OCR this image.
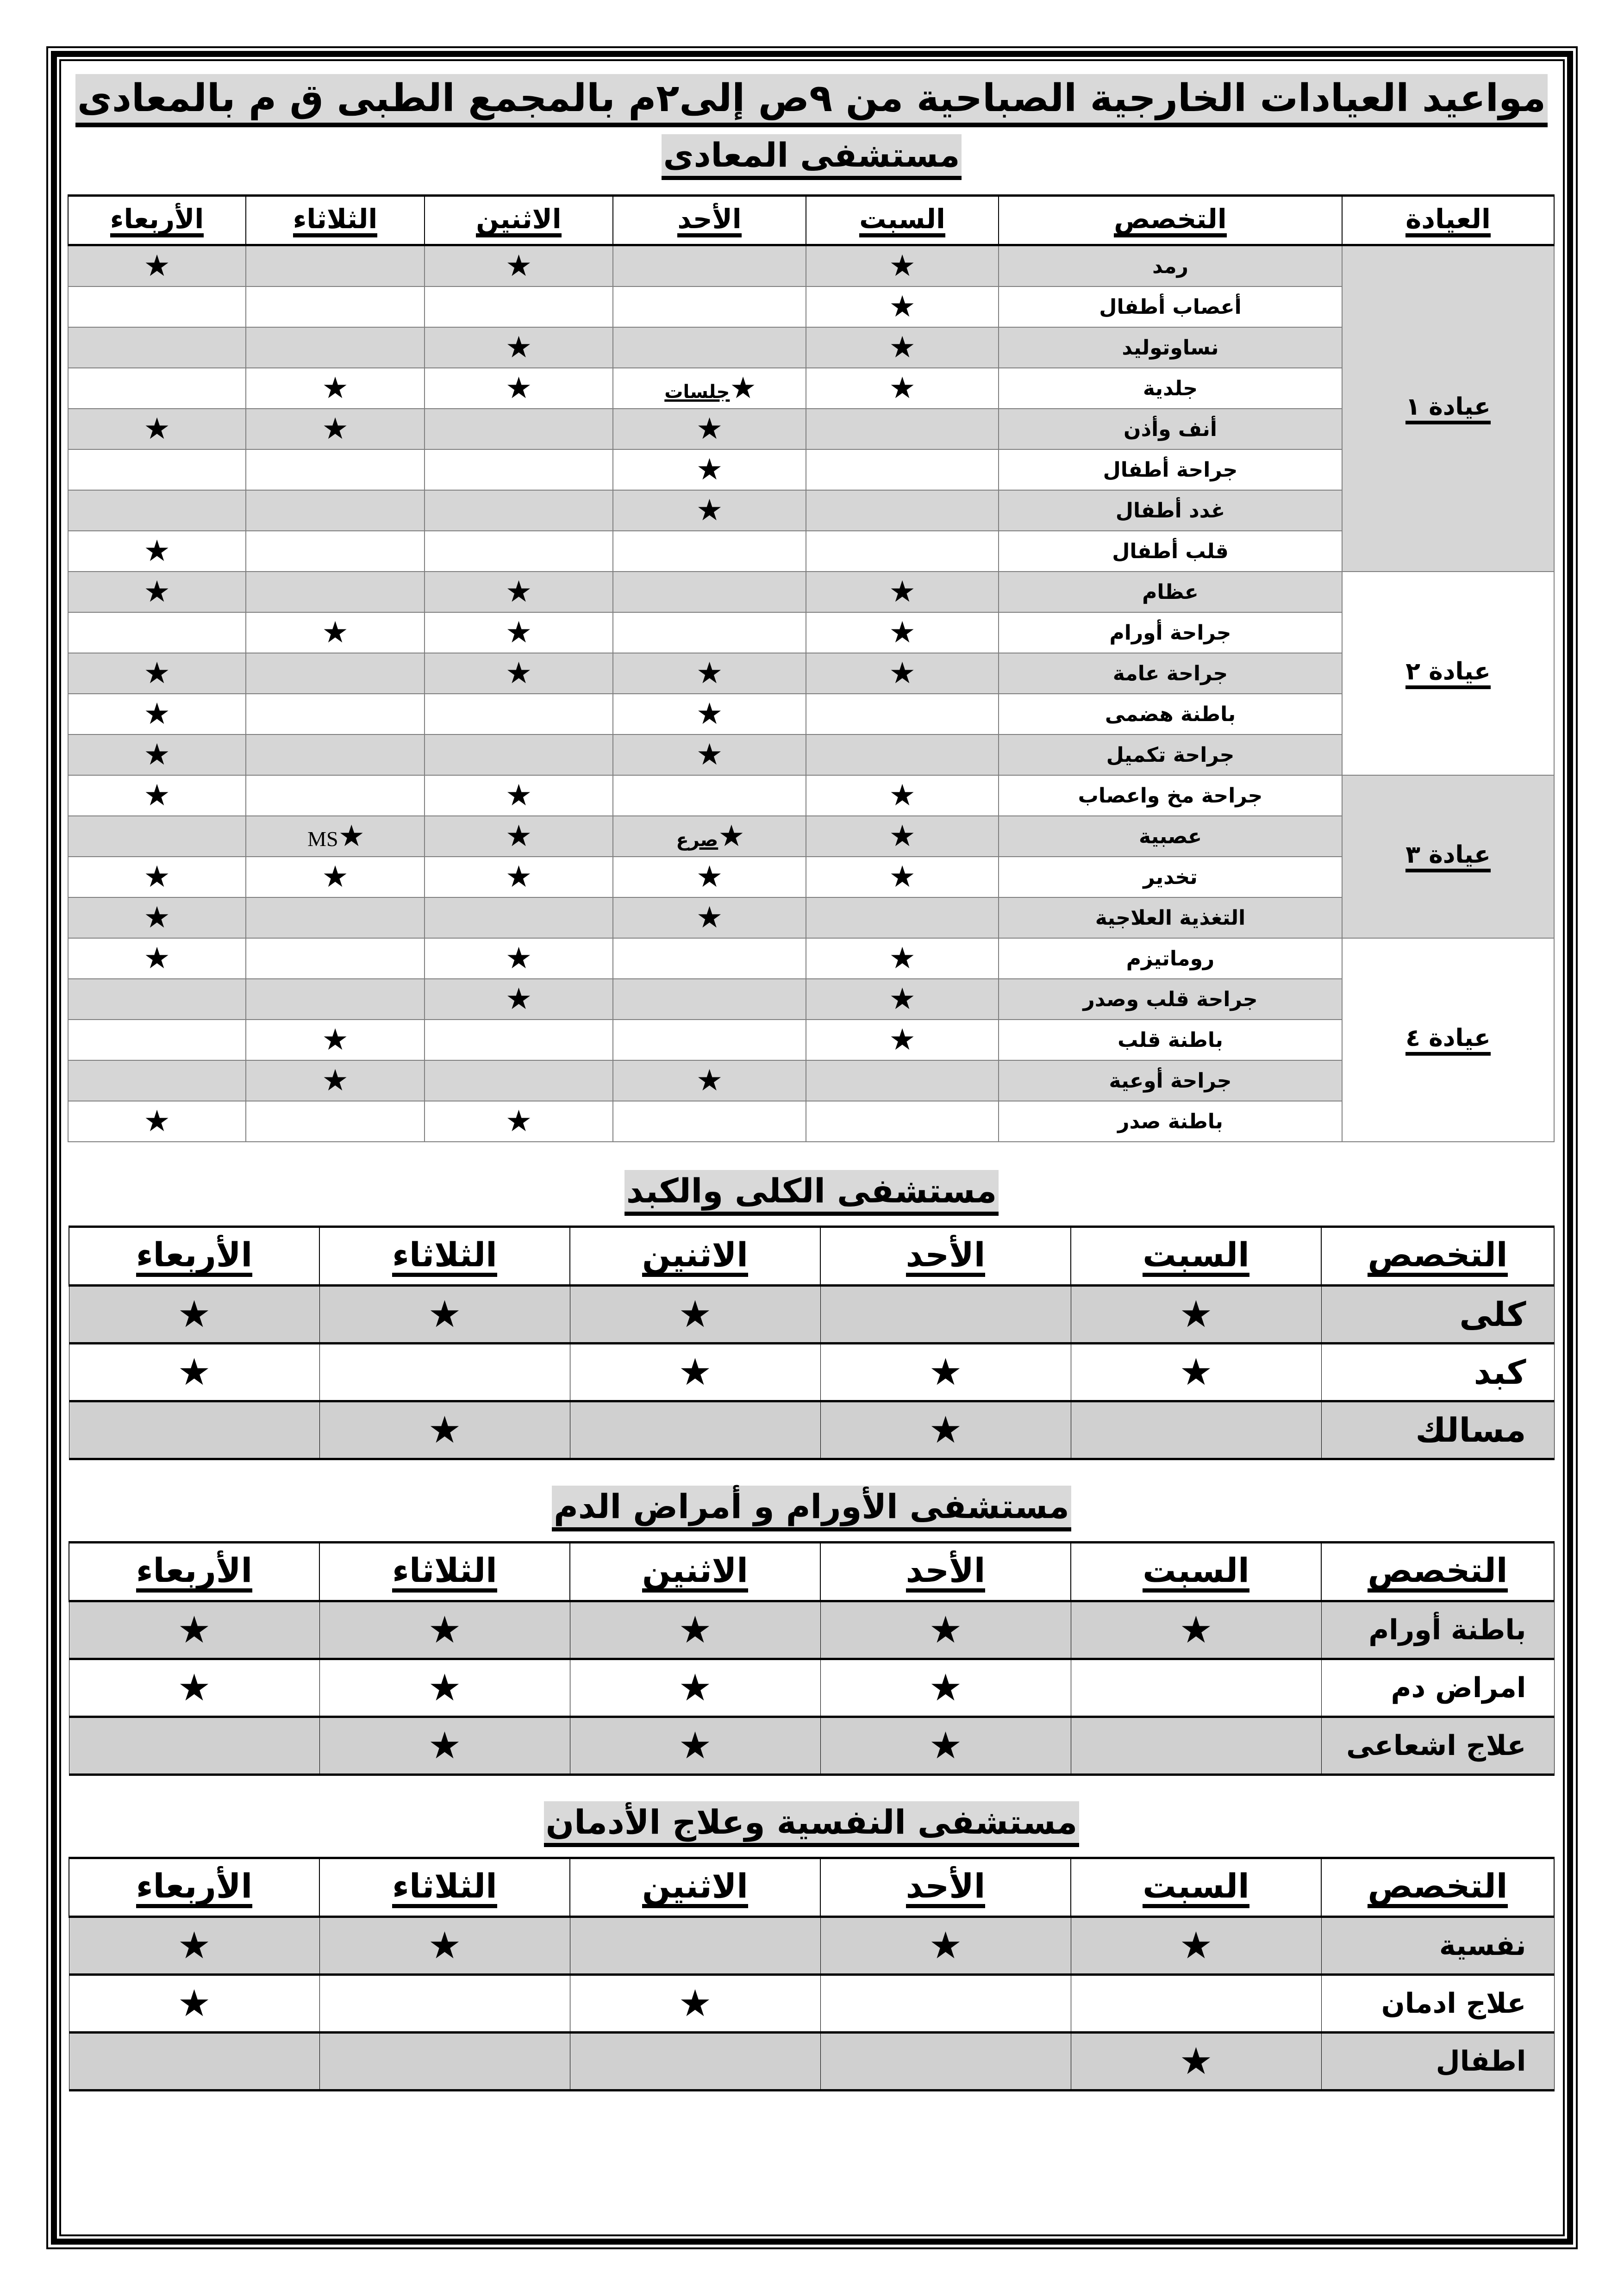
مواعيد العيادات الخارجية الصباحية من ٩ص إلى٢م بالمجمع الطبى ق م بالمعادى
مستشفى المعادى
العيادة	التخصص	السبت	الأحد	الاثنين	الثلاثاء	الأربعاء
عيادة ١	رمد	★		★		★
	أعصاب أطفال	★				
	نساوتوليد	★		★		
	جلدية	★	★جلسات	★	★	
	أنف وأذن		★		★	★
	جراحة أطفال		★			
	غدد أطفال		★			
	قلب أطفال					★
عيادة ٢	عظام	★		★		★
	جراحة أورام	★		★	★	
	جراحة عامة	★	★	★		★
	باطنة هضمى		★			★
	جراحة تكميل		★			★
عيادة ٣	جراحة مخ واعصاب	★		★		★
	عصبية	★	★صرع	★	★MS	
	تخدير	★	★	★	★	★
	التغذية العلاجية		★			★
عيادة ٤	روماتيزم	★		★		★
	جراحة قلب وصدر	★		★		
	باطنة قلب	★			★	
	جراحة أوعية		★		★	
	باطنة صدر			★		★
مستشفى الكلى والكبد
التخصص	السبت	الأحد	الاثنين	الثلاثاء	الأربعاء
كلى	★		★	★	★
كبد	★	★	★		★
مسالك		★		★	
مستشفى الأورام و أمراض الدم
التخصص	السبت	الأحد	الاثنين	الثلاثاء	الأربعاء
باطنة أورام	★	★	★	★	★
امراض دم		★	★	★	★
علاج اشعاعى		★	★	★	
مستشفى النفسية وعلاج الأدمان
التخصص	السبت	الأحد	الاثنين	الثلاثاء	الأربعاء
نفسية	★	★		★	★
علاج ادمان			★		★
اطفال	★				
